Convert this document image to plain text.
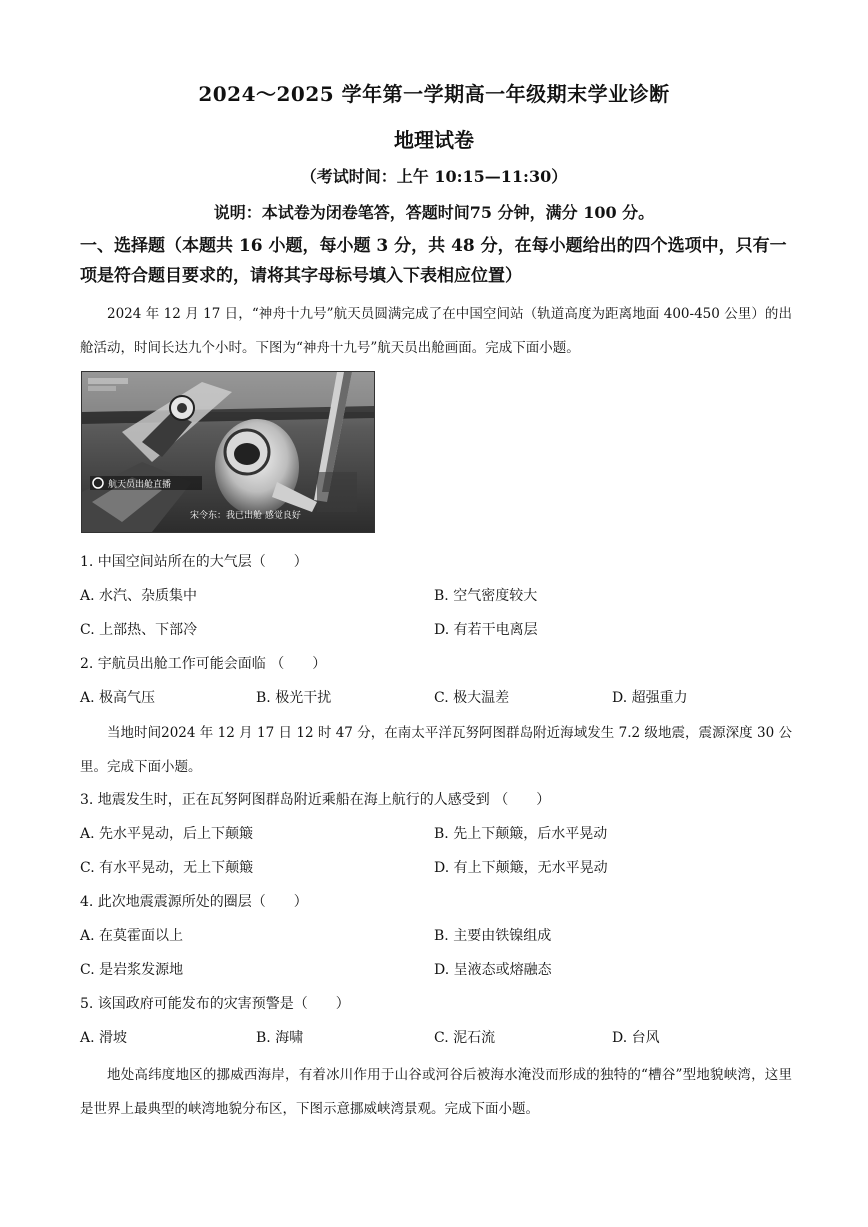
2024～2025 学年第一学期高一年级期末学业诊断
地理试卷
（考试时间：上午 10:15—11:30）
说明：本试卷为闭卷笔答，答题时间75 分钟，满分 100 分。
一、选择题（本题共 16 小题，每小题 3 分，共 48 分，在每小题给出的四个选项中，只有一项是符合题目要求的，请将其字母标号填入下表相应位置）
2024 年 12 月 17 日，“神舟十九号”航天员圆满完成了在中国空间站（轨道高度为距离地面 400-450 公里）的出舱活动，时间长达九个小时。下图为“神舟十九号”航天员出舱画面。完成下面小题。
航天员出舱直播
宋令东：我已出舱 感觉良好
1. 中国空间站所在的大气层（　　）
A. 水汽、杂质集中	B. 空气密度较大
C. 上部热、下部冷	D. 有若干电离层
2. 宇航员出舱工作可能会面临 （　　）
A. 极高气压	B. 极光干扰	C. 极大温差	D. 超强重力
当地时间2024 年 12 月 17 日 12 时 47 分，在南太平洋瓦努阿图群岛附近海域发生 7.2 级地震，震源深度 30 公里。完成下面小题。
3. 地震发生时，正在瓦努阿图群岛附近乘船在海上航行的人感受到 （　　）
A. 先水平晃动，后上下颠簸	B. 先上下颠簸，后水平晃动
C. 有水平晃动，无上下颠簸	D. 有上下颠簸，无水平晃动
4. 此次地震震源所处的圈层（　　）
A. 在莫霍面以上	B. 主要由铁镍组成
C. 是岩浆发源地	D. 呈液态或熔融态
5. 该国政府可能发布的灾害预警是（　　）
A. 滑坡	B. 海啸	C. 泥石流	D. 台风
地处高纬度地区的挪威西海岸，有着冰川作用于山谷或河谷后被海水淹没而形成的独特的“槽谷”型地貌峡湾，这里是世界上最典型的峡湾地貌分布区，下图示意挪威峡湾景观。完成下面小题。
